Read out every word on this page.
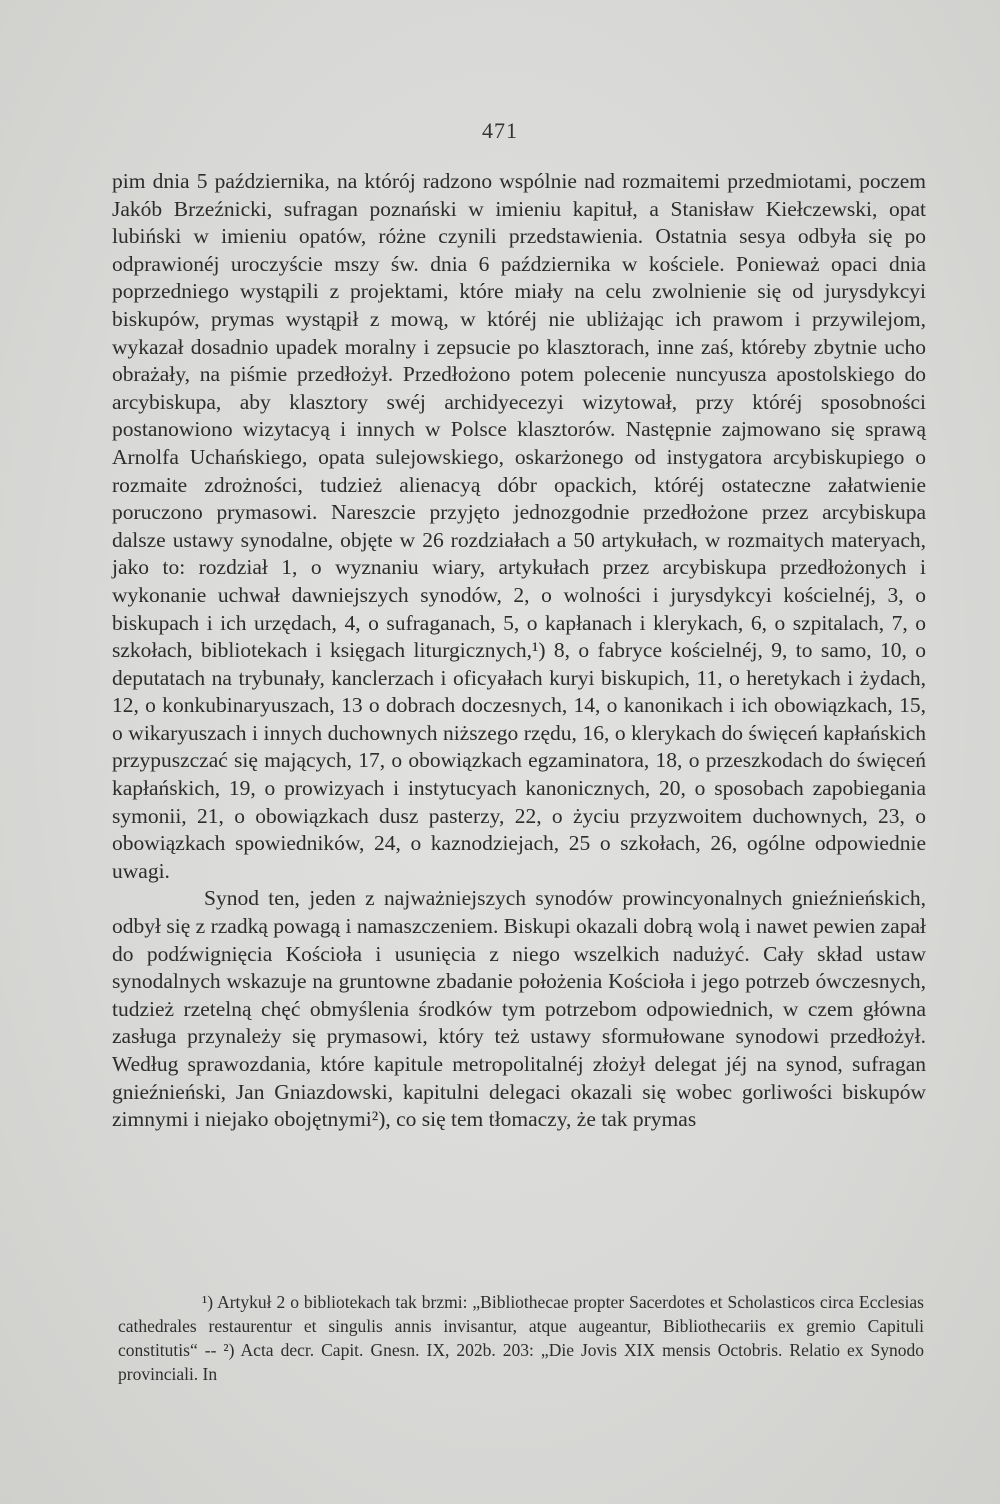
471

pim dnia 5 października, na którój radzono wspólnie nad rozmaitemi przedmiotami, poczem Jakób Brzeźnicki, sufragan poznański w imieniu kapituł, a Stanisław Kiełczewski, opat lubiński w imieniu opatów, różne czynili przedstawienia. Ostatnia sesya odbyła się po odprawionéj uroczyście mszy św. dnia 6 października w kościele. Ponieważ opaci dnia poprzedniego wystąpili z projektami, które miały na celu zwolnienie się od jurysdykcyi biskupów, prymas wystąpił z mową, w któréj nie ubliżając ich prawom i przywilejom, wykazał dosadnio upadek moralny i zepsucie po klasztorach, inne zaś, któreby zbytnie ucho obrażały, na piśmie przedłożył. Przedłożono potem polecenie nuncyusza apostolskiego do arcybiskupa, aby klasztory swéj archidyecezyi wizytował, przy któréj sposobności postanowiono wizytacyą i innych w Polsce klasztorów. Następnie zajmowano się sprawą Arnolfa Uchańskiego, opata sulejowskiego, oskarżonego od instygatora arcybiskupiego o rozmaite zdrożności, tudzież alienacyą dóbr opackich, któréj ostateczne załatwienie poruczono prymasowi. Nareszcie przyjęto jednozgodnie przedłożone przez arcybiskupa dalsze ustawy synodalne, objęte w 26 rozdziałach a 50 artykułach, w rozmaitych materyach, jako to: rozdział 1, o wyznaniu wiary, artykułach przez arcybiskupa przedłożonych i wykonanie uchwał dawniejszych synodów, 2, o wolności i jurysdykcyi kościelnéj, 3, o biskupach i ich urzędach, 4, o sufraganach, 5, o kapłanach i klerykach, 6, o szpitalach, 7, o szkołach, bibliotekach i księgach liturgicznych,¹) 8, o fabryce kościelnéj, 9, to samo, 10, o deputatach na trybunały, kanclerzach i oficyałach kuryi biskupich, 11, o heretykach i żydach, 12, o konkubinaryuszach, 13 o dobrach doczesnych, 14, o kanonikach i ich obowiązkach, 15, o wikaryuszach i innych duchownych niższego rzędu, 16, o klerykach do święceń kapłańskich przypuszczać się mających, 17, o obowiązkach egzaminatora, 18, o przeszkodach do święceń kapłańskich, 19, o prowizyach i instytucyach kanonicznych, 20, o sposobach zapobiegania symonii, 21, o obowiązkach dusz pasterzy, 22, o życiu przyzwoitem duchownych, 23, o obowiązkach spowiedników, 24, o kaznodziejach, 25 o szkołach, 26, ogólne odpowiednie uwagi.

Synod ten, jeden z najważniejszych synodów prowincyonalnych gnieźnieńskich, odbył się z rzadką powagą i namaszczeniem. Biskupi okazali dobrą wolą i nawet pewien zapał do podźwignięcia Kościoła i usunięcia z niego wszelkich nadużyć. Cały skład ustaw synodalnych wskazuje na gruntowne zbadanie położenia Kościoła i jego potrzeb ówczesnych, tudzież rzetelną chęć obmyślenia środków tym potrzebom odpowiednich, w czem główna zasługa przynależy się prymasowi, który też ustawy sformułowane synodowi przedłożył. Według sprawozdania, które kapitule metropolitalnéj złożył delegat jéj na synod, sufragan gnieźnieński, Jan Gniazdowski, kapitulni delegaci okazali się wobec gorliwości biskupów zimnymi i niejako obojętnymi²), co się tem tłomaczy, że tak prymas

¹) Artykuł 2 o bibliotekach tak brzmi: „Bibliothecae propter Sacerdotes et Scholasticos circa Ecclesias cathedrales restaurentur et singulis annis invisantur, atque augeantur, Bibliothecariis ex gremio Capituli constitutis“ -- ²) Acta decr. Capit. Gnesn. IX, 202b. 203: „Die Jovis XIX mensis Octobris. Relatio ex Synodo provinciali. In
